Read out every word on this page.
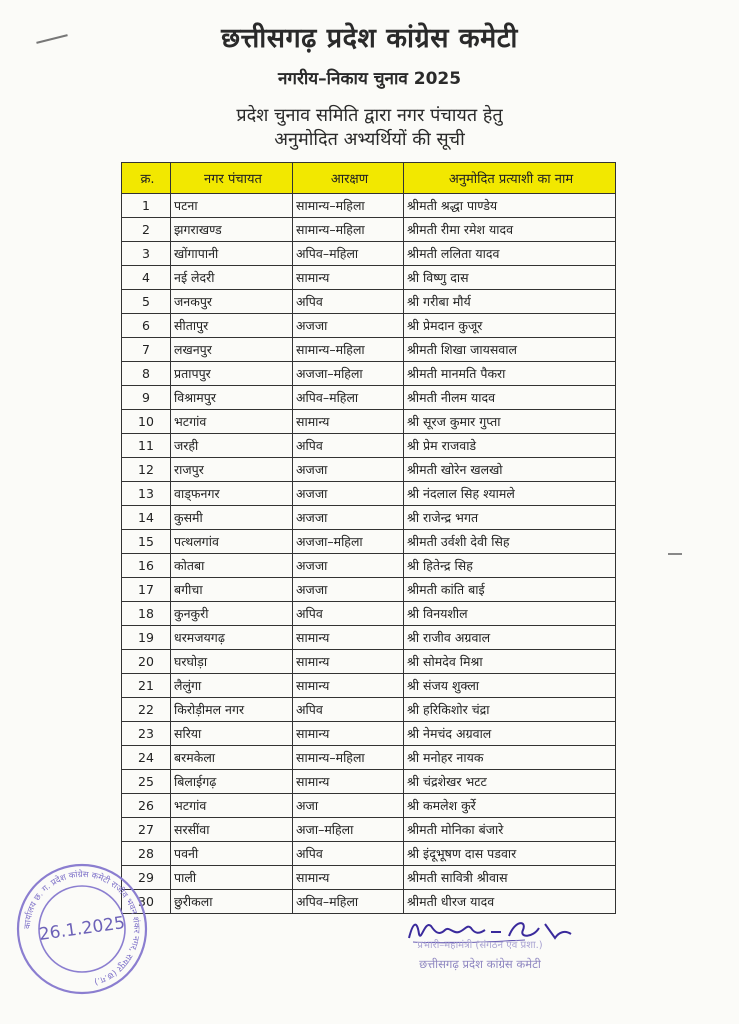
छत्तीसगढ़ प्रदेश कांग्रेस कमेटी
नगरीय–निकाय चुनाव 2025
प्रदेश चुनाव समिति द्वारा नगर पंचायत हेतु
अनुमोदित अभ्यर्थियों की सूची
क्र.	नगर पंचायत	आरक्षण	अनुमोदित प्रत्याशी का नाम
1	पटना	सामान्य–महिला	श्रीमती श्रद्धा पाण्डेय
2	झगराखण्ड	सामान्य–महिला	श्रीमती रीमा रमेश यादव
3	खोंगापानी	अपिव–महिला	श्रीमती ललिता यादव
4	नई लेदरी	सामान्य	श्री विष्णु दास
5	जनकपुर	अपिव	श्री गरीबा मौर्य
6	सीतापुर	अजजा	श्री प्रेमदान कुजूर
7	लखनपुर	सामान्य–महिला	श्रीमती शिखा जायसवाल
8	प्रतापपुर	अजजा–महिला	श्रीमती मानमति पैकरा
9	विश्रामपुर	अपिव–महिला	श्रीमती नीलम यादव
10	भटगांव	सामान्य	श्री सूरज कुमार गुप्ता
11	जरही	अपिव	श्री प्रेम राजवाडे
12	राजपुर	अजजा	श्रीमती खोरेन खलखो
13	वाड्फनगर	अजजा	श्री नंदलाल सिह श्यामले
14	कुसमी	अजजा	श्री राजेन्द्र भगत
15	पत्थलगांव	अजजा–महिला	श्रीमती उर्वशी देवी सिह
16	कोतबा	अजजा	श्री हितेन्द्र सिह
17	बगीचा	अजजा	श्रीमती कांति बाई
18	कुनकुरी	अपिव	श्री विनयशील
19	धरमजयगढ़	सामान्य	श्री राजीव अग्रवाल
20	घरघोड़ा	सामान्य	श्री सोमदेव मिश्रा
21	लैलुंगा	सामान्य	श्री संजय शुक्ला
22	किरोड़ीमल नगर	अपिव	श्री हरिकिशोर चंद्रा
23	सरिया	सामान्य	श्री नेमचंद अग्रवाल
24	बरमकेला	सामान्य–महिला	श्री मनोहर नायक
25	बिलाईगढ़	सामान्य	श्री चंद्रशेखर भटट
26	भटगांव	अजा	श्री कमलेश कुर्रे
27	सरसींवा	अजा–महिला	श्रीमती मोनिका बंजारे
28	पवनी	अपिव	श्री इंदूभूषण दास पडवार
29	पाली	सामान्य	श्रीमती सावित्री श्रीवास
30	छुरीकला	अपिव–महिला	श्रीमती धीरज यादव
कार्यालय छ. ग. प्रदेश कांग्रेस कमेटी राजीव भवन शंकर नगर, रायपुर (छ.ग.)
26.1.2025
प्रभारी–महामंत्री (संगठन एवं प्रशा.)
छत्तीसगढ़ प्रदेश कांग्रेस कमेटी
